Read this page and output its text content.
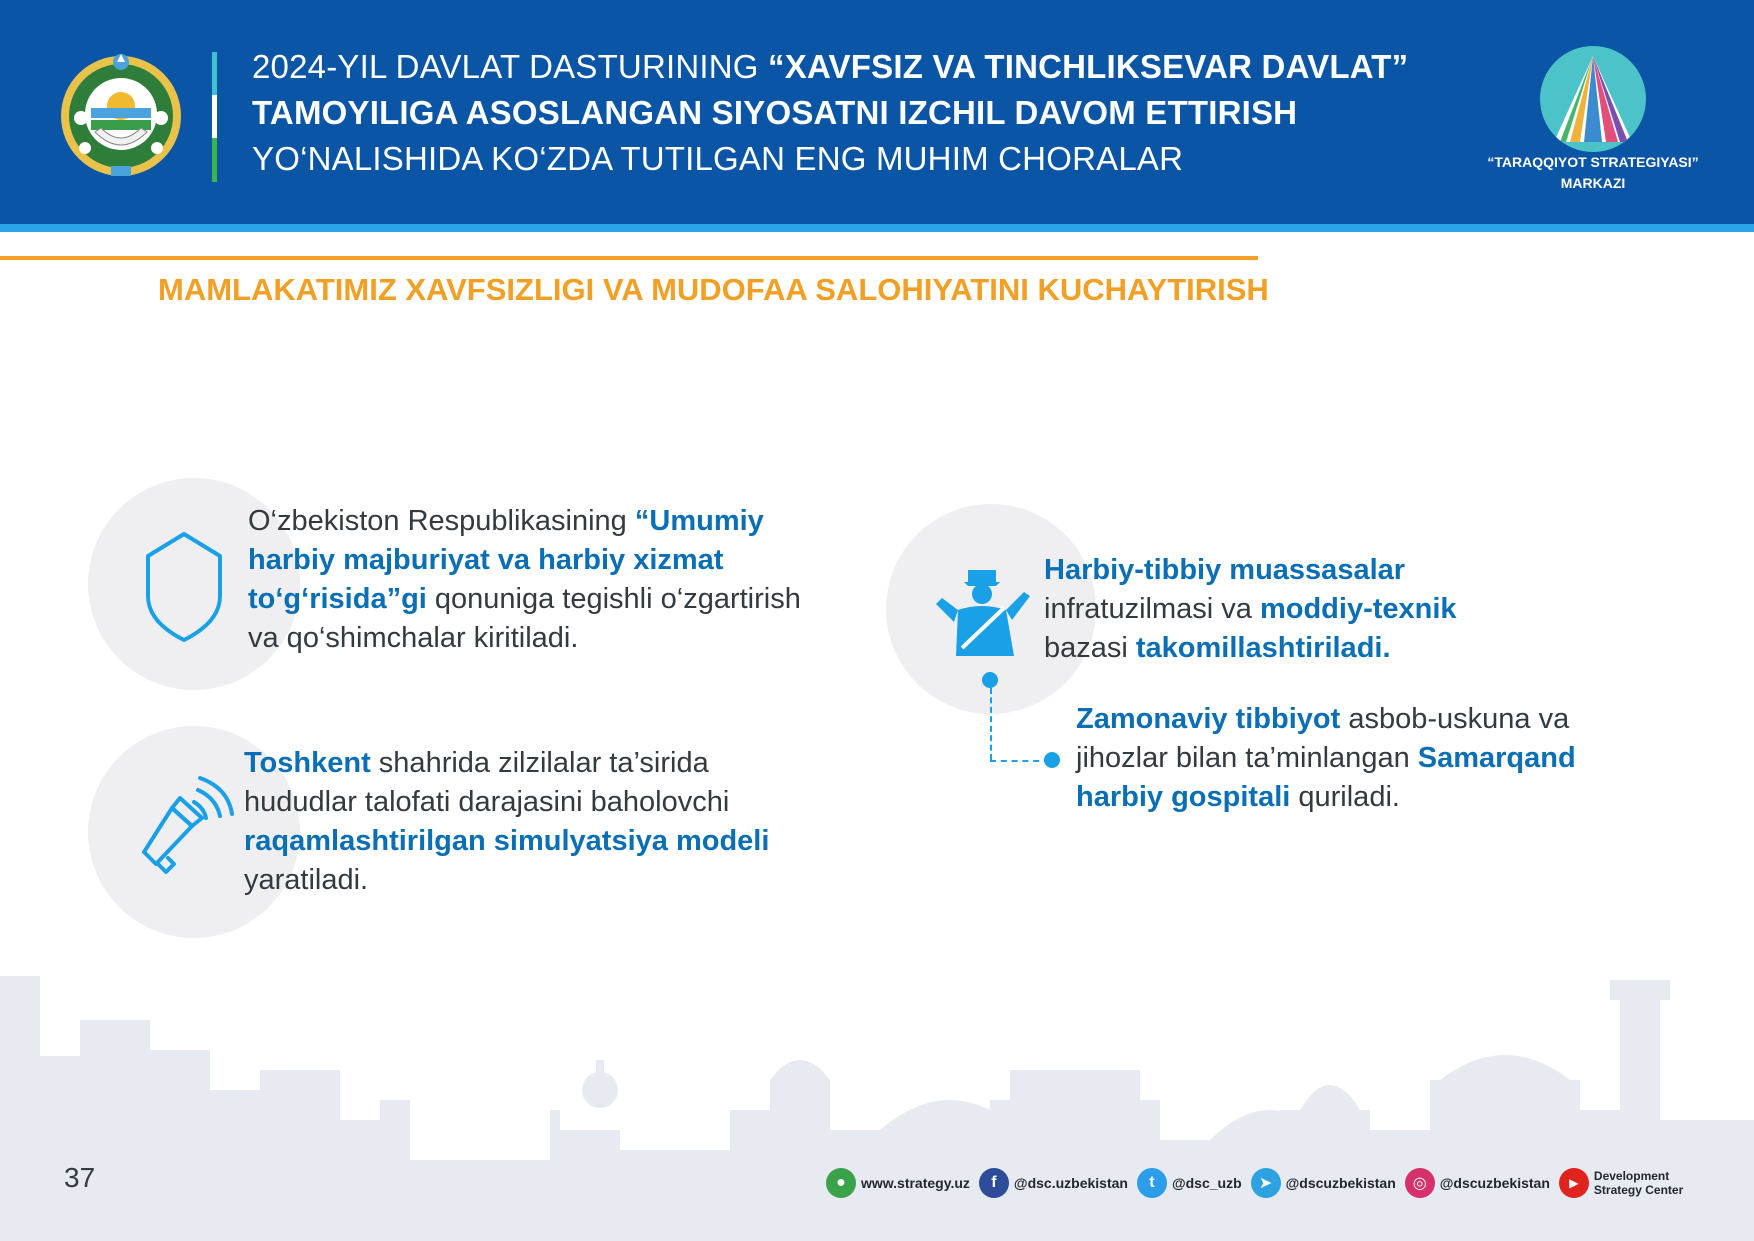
2024-YIL DAVLAT DASTURINING “XAVFSIZ VA TINCHLIKSEVAR DAVLAT”
TAMOYILIGA ASOSLANGAN SIYOSATNI IZCHIL DAVOM ETTIRISH
YO‘NALISHIDA KO‘ZDA TUTILGAN ENG MUHIM CHORALAR	“TARAQQIYOT STRATEGIYASI”
MARKAZI
MAMLAKATIMIZ XAVFSIZLIGI VA MUDOFAA SALOHIYATINI KUCHAYTIRISH
O‘zbekiston Respublikasining “Umumiy harbiy majburiyat va harbiy xizmat to‘g‘risida”gi qonuniga tegishli o‘zgartirish va qo‘shimchalar kiritiladi.
Toshkent shahrida zilzilalar ta’sirida hududlar talofati darajasini baholovchi raqamlashtirilgan simulyatsiya modeli yaratiladi.
Harbiy-tibbiy muassasalar infratuzilmasi va moddiy-texnik bazasi takomillashtiriladi.
Zamonaviy tibbiyot asbob-uskuna va jihozlar bilan ta’minlangan Samarqand harbiy gospitali quriladi.
37	●	www.strategy.uz	f	@dsc.uzbekistan	t	@dsc_uzb	➤ @dscuzbekistan	◎ @dscuzbekistan	▶	Development
Strategy Center
